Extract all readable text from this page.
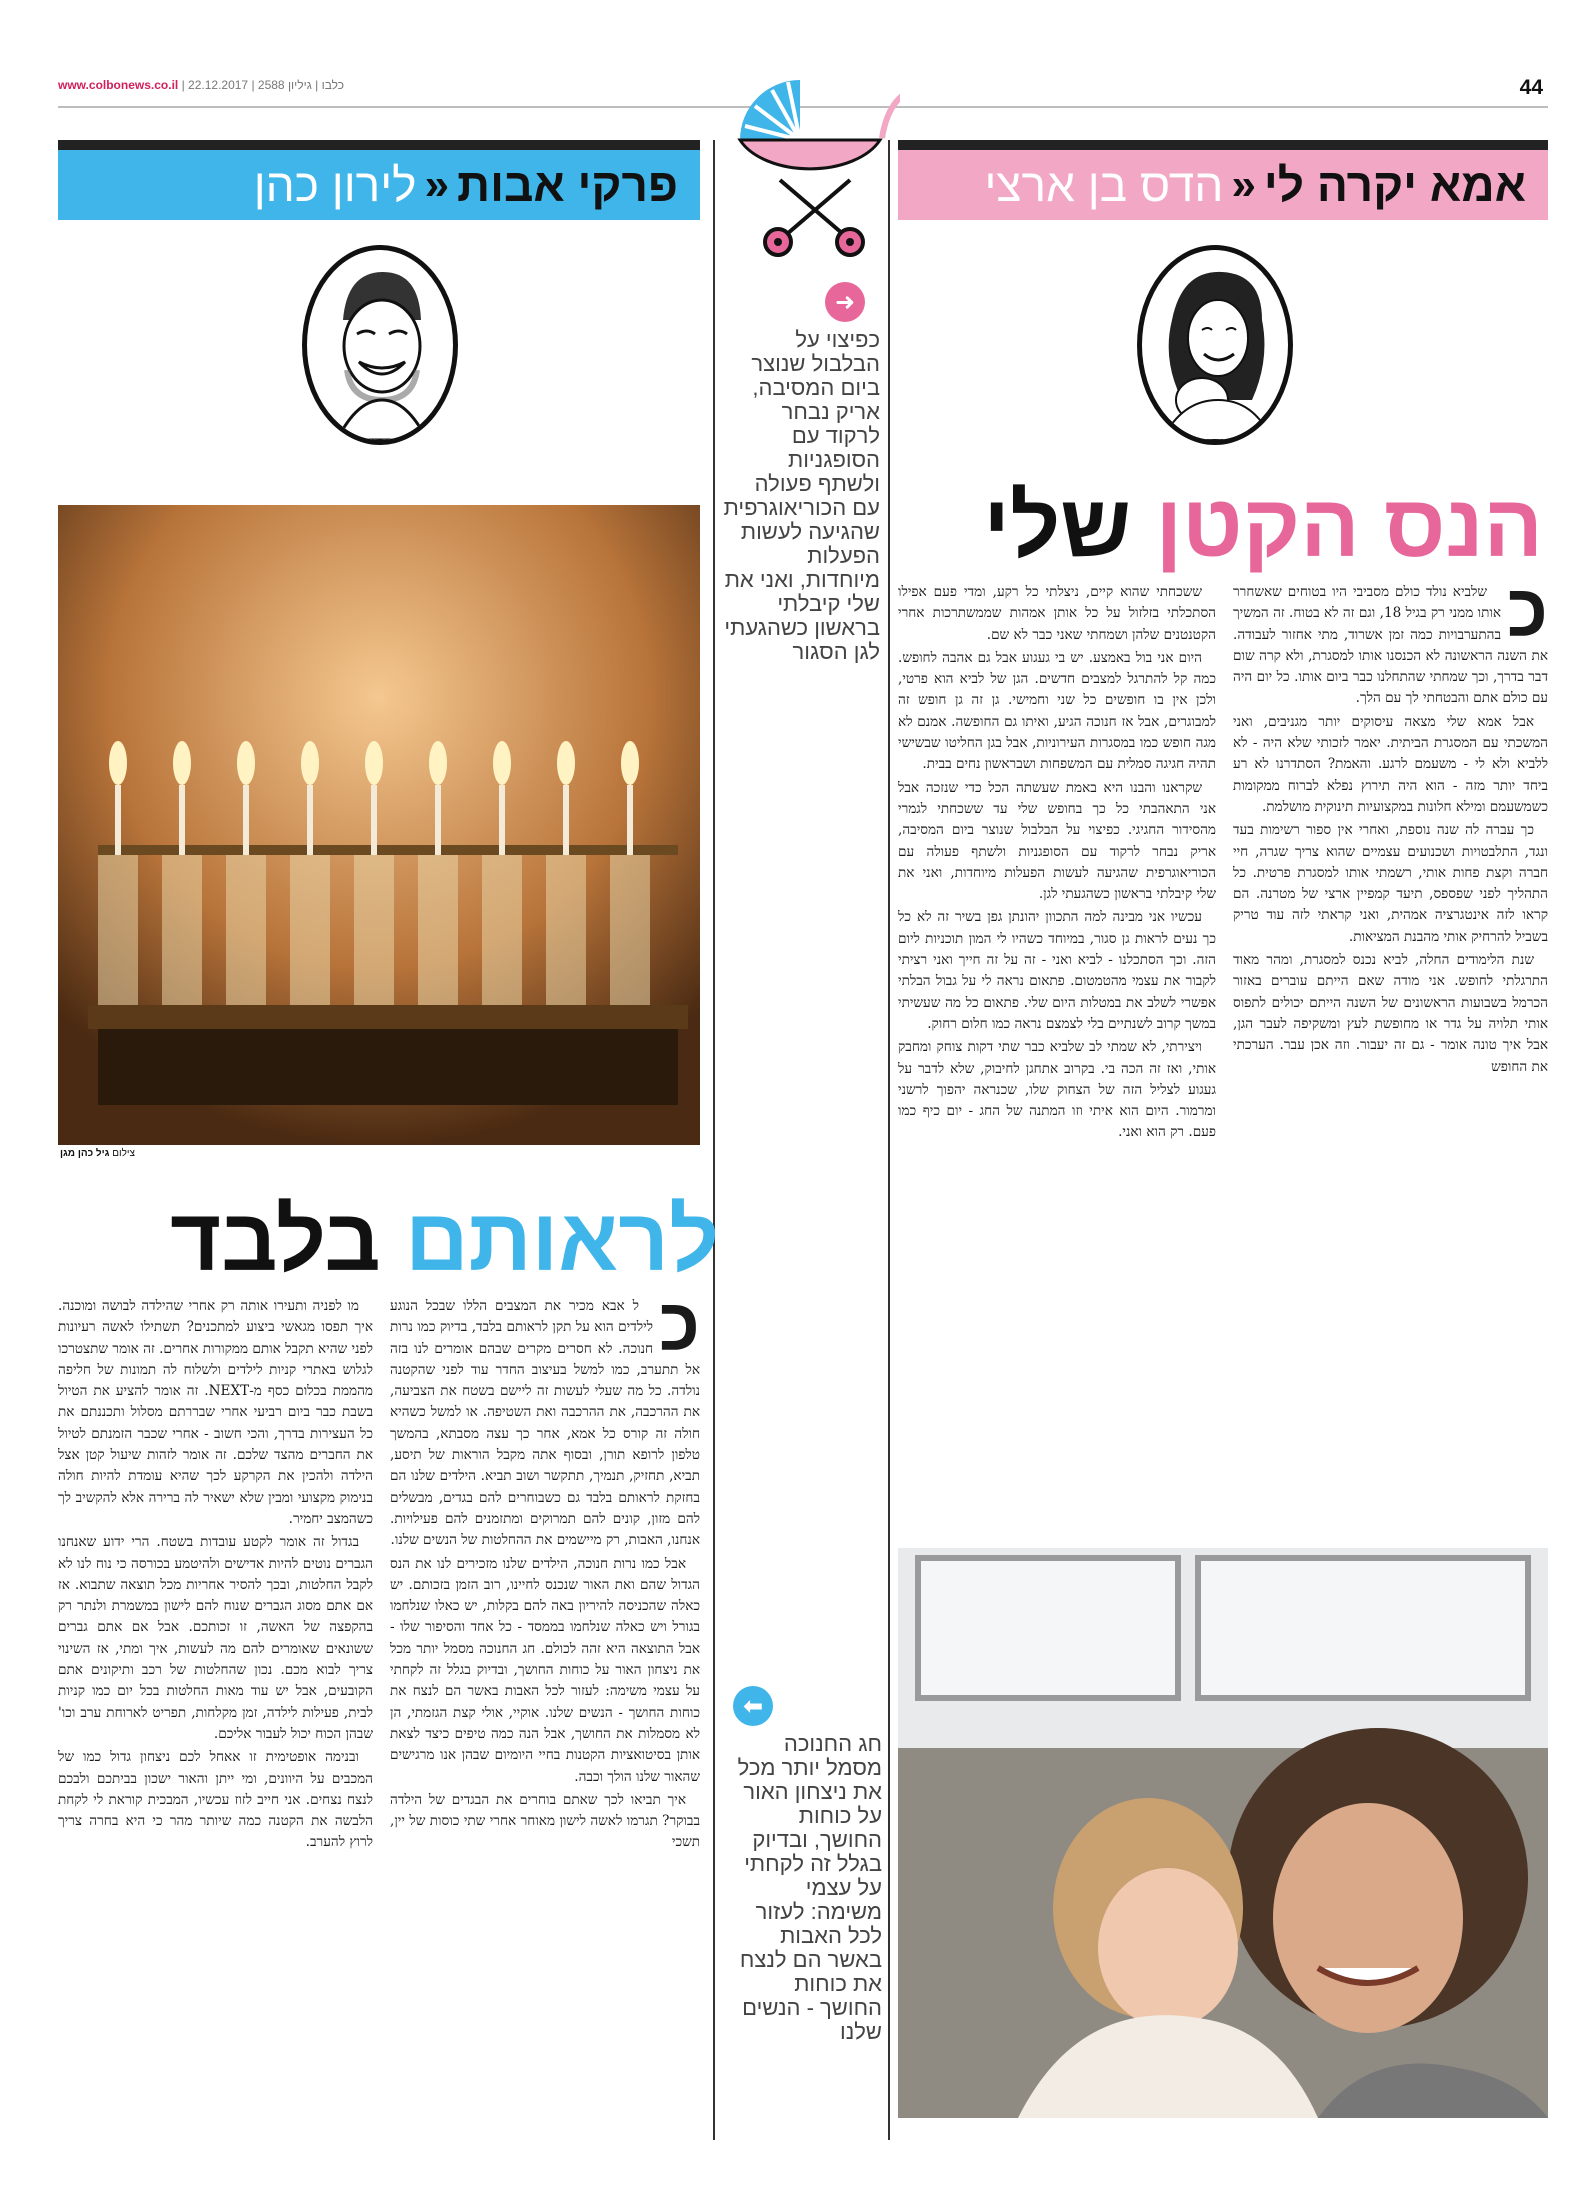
www.colbonews.co.il | כלבו | גיליון 2588 | 22.12.2017	44
אמא יקרה לי
«
הדס בן ארצי
פרקי אבות
«
לירון כהן
➜
כפיצוי על הבלבול שנוצר ביום המסיבה, אריק נבחר לרקוד עם הסופגניות ולשתף פעולה עם הכוריאוגרפית שהגיעה לעשות הפעלות מיוחדות, ואני את שלי קיבלתי בראשון כשהגעתי לגן הסגור
⬅
חג החנוכה מסמל יותר מכל את ניצחון האור על כוחות החושך, ובדיוק בגלל זה לקחתי על עצמי משימה: לעזור לכל האבות באשר הם לנצח את כוחות החושך - הנשים שלנו
הנס הקטן שלי
כ

שלביא נולד כולם מסביבי היו בטוחים שאשחרר אותו ממני רק בגיל 18, וגם זה לא בטוח. זה המשיך בהתערבויות כמה זמן אשרוד, מתי אחזור לעבודה. את השנה הראשונה לא הכנסנו אותו למסגרת, ולא קרה שום דבר בדרך, וכך שמחתי שהתחלנו כבר ביום אותו. כל יום היה עם כולם אתם והבטחתי לך עם הלך.

אבל אמא שלי מצאה עיסוקים יותר מגניבים, ואני המשכתי עם המסגרת הביתית. יאמר לזכותי שלא היה - לא ללביא ולא לי - משעמם לרגע. והאמת? הסתדרנו לא רע ביחד יותר מזה - הוא היה תירוץ נפלא לברוח ממקומות כשמשעמם ומילא חלונות במקצועיות תינוקית מושלמת.

כך עברה לה שנה נוספת, ואחרי אין ספור רשימות בעד ונגד, התלבטויות ושכנועים עצמיים שהוא צריך שגרה, חיי חברה וקצת פחות אותי, רשמתי אותו למסגרת פרטית. כל התהליך לפני שפספס, תיעד קמפיין ארצי של מטרנה. הם קראו לזה אינטגרציה אמהית, ואני קראתי לזה עוד טריק בשביל להרחיק אותי מהבנת המציאות.

שנת הלימודים החלה, לביא נכנס למסגרת, ומהר מאוד התרגלתי לחופש. אני מודה שאם הייתם עוברים באזור הכרמל בשבועות הראשונים של השנה הייתם יכולים לתפוס אותי תלויה על גדר או מחופשת לעץ ומשקיפה לעבר הגן, אבל איך טונה אומר - גם זה יעבור. וזה אכן עבר. הערכתי את החופש

ששכחתי שהוא קיים, ניצלתי כל רקע, ומדי פעם אפילו הסתכלתי בזלזול על כל אותן אמהות שממשתרכות אחרי הקטנטנים שלהן ושמחתי שאני כבר לא שם.

היום אני בול באמצע. יש בי געגוע אבל גם אהבה לחופש. כמה קל להתרגל למצבים חדשים. הגן של לביא הוא פרטי, ולכן אין בו חופשים כל שני וחמישי. גן זה גן חופש זה למבוגרים, אבל אז חנוכה הגיע, ואיתו גם החופשה. אמנם לא מגה חופש כמו במסגרות העירוניות, אבל בגן החליטו שבשישי תהיה חגיגה סמלית עם המשפחות ושבראשון נחים בבית.

שקראנו והבנו היא באמת שעשתה הכל כדי שנזכה אבל אני התאהבתי כל כך בחופש שלי עד ששכחתי לגמרי מהסידור החגיגי. כפיצוי על הבלבול שנוצר ביום המסיבה, אריק נבחר לרקוד עם הסופגניות ולשתף פעולה עם הכוריאוגרפית שהגיעה לעשות הפעלות מיוחדות, ואני את שלי קיבלתי בראשון כשהגעתי לגן.

עכשיו אני מבינה למה התכוון יהונתן גפן בשיר זה לא כל כך נעים לראות גן סגור, במיוחד כשהיו לי המון תוכניות ליום הזה. וכך הסתכלנו - לביא ואני - זה על זה חייך ואני רציתי לקבור את עצמי מהטמטום. פתאום נראה לי על גבול הבלתי אפשרי לשלב את במטלות היום שלי. פתאום כל מה שעשיתי במשך קרוב לשנתיים בלי לצמצם נראה כמו חלום רחוק.

ויצירתי, לא שמתי לב שלביא כבר שתי דקות צוחק ומחבק אותי, ואז זה הכה בי. בקרוב אתחגן לחיבוק, שלא לדבר על געגוע לצליל הזה של הצחוק שלו, שכנראה יהפוך לרשני ומרמור. היום הוא איתי וזו המתנה של החג - יום כיף כמו פעם. רק הוא ואני.

צילום גיל כהן מגן
לראותם בלבד
כ

ל אבא מכיר את המצבים הללו שבכל הנוגע לילדים הוא על תקן לראותם בלבד, בדיוק כמו נרות חנוכה. לא חסרים מקרים שבהם אומרים לנו בזה אל תתערב, כמו למשל בעיצוב החדר עוד לפני שהקטנה נולדה. כל מה שעלי לעשות זה ליישם בשטח את הצביעה, את ההרכבה, את ההרכבה ואת השטיפה. או למשל כשהיא חולה זה קורס כל אמא, אחר כך עצה מסבתא, בהמשך טלפון לרופא תורן, ובסוף אתה מקבל הוראות של תיסע, תביא, תחזיק, תנמיך, תתקשר ושוב תביא. הילדים שלנו הם בחזקת לראותם בלבד גם כשבוחרים להם בגדים, מבשלים להם מזון, קונים להם תמרוקים ומתזמנים להם פעילויות. אנחנו, האבות, רק מיישמים את ההחלטות של הנשים שלנו.

אבל כמו נרות חנוכה, הילדים שלנו מזכירים לנו את הנס הגדול שהם ואת האור שנכנס לחיינו, רוב הזמן בזכותם. יש כאלה שהכניסה להיריון באה להם בקלות, יש כאלו שנלחמו בגורל ויש כאלה שנלחמו בממסד - כל אחד והסיפור שלו - אבל התוצאה היא זהה לכולם. חג החנוכה מסמל יותר מכל את ניצחון האור על כוחות החושך, ובדיוק בגלל זה לקחתי על עצמי משימה: לעזור לכל האבות באשר הם לנצח את כוחות החושך - הנשים שלנו. אוקיי, אולי קצת הגזמתי, הן לא מסמלות את החושך, אבל הנה כמה טיפים כיצד לצאת אותן בסיטואציות הקטנות בחיי היומיום שבהן אנו מרגישים שהאור שלנו הולך וכבה.

איך תביאו לכך שאתם בוחרים את הבגדים של הילדה בבוקר? תגרמו לאשה לישון מאוחר אחרי שתי כוסות של יין, תשכי

מו לפניה ותעירו אותה רק אחרי שהילדה לבושה ומוכנה. איך תפסו מגאשי ביצוע למתכנים? תשתילו לאשה רעיונות לפני שהיא תקבל אותם ממקורות אחרים. זה אומר שתצטרכו לגלוש באתרי קניות לילדים ולשלוח לה תמונות של חליפה מהממת בכלום כסף מ-NEXT. זה אומר להציע את הטיול בשבת כבר ביום רביעי אחרי שבררתם מסלול ותכננתם את כל העצירות בדרך, והכי חשוב - אחרי שכבר הזמנתם לטיול את החברים מהצד שלכם. זה אומר לזהות שיעול קטן אצל הילדה ולהכין את הקרקע לכך שהיא עומדת להיות חולה בנימוק מקצועי ומבין שלא ישאיר לה ברירה אלא להקשיב לך כשהמצב יחמיר.

בגדול זה אומר לקטע עובדות בשטח. הרי ידוע שאנחנו הגברים נוטים להיות אדישים ולהיטמע בכורסה כי נוח לנו לא לקבל החלטות, ובכך להסיר אחריות מכל תוצאה שתבוא. אז אם אתם מסוג הגברים שנוח להם לישון במשמרת ולנתר רק בהקפצה של האשה, זו זכותכם. אבל אם אתם גברים ששונאים שאומרים להם מה לעשות, איך ומתי, אז השינוי צריך לבוא מכם. נכון שהחלטות של רכב ותיקונים אתם הקובעים, אבל יש עוד מאות החלטות בכל יום כמו קניות לבית, פעילות לילדה, זמן מקלחות, תפריט לארוחת ערב וכו' שבהן הכוח יכול לעבור אליכם.

ובנימה אופטימית זו אאחל לכם ניצחון גדול כמו של המכבים על היוונים, ומי ייתן והאור ישכון בביתכם ולבכם לנצח נצחים. אני חייב לזוז עכשיו, המבכית קוראת לי לקחת הלבשה את הקטנה כמה שיותר מהר כי היא בחרה צריך לרוץ להערב.
